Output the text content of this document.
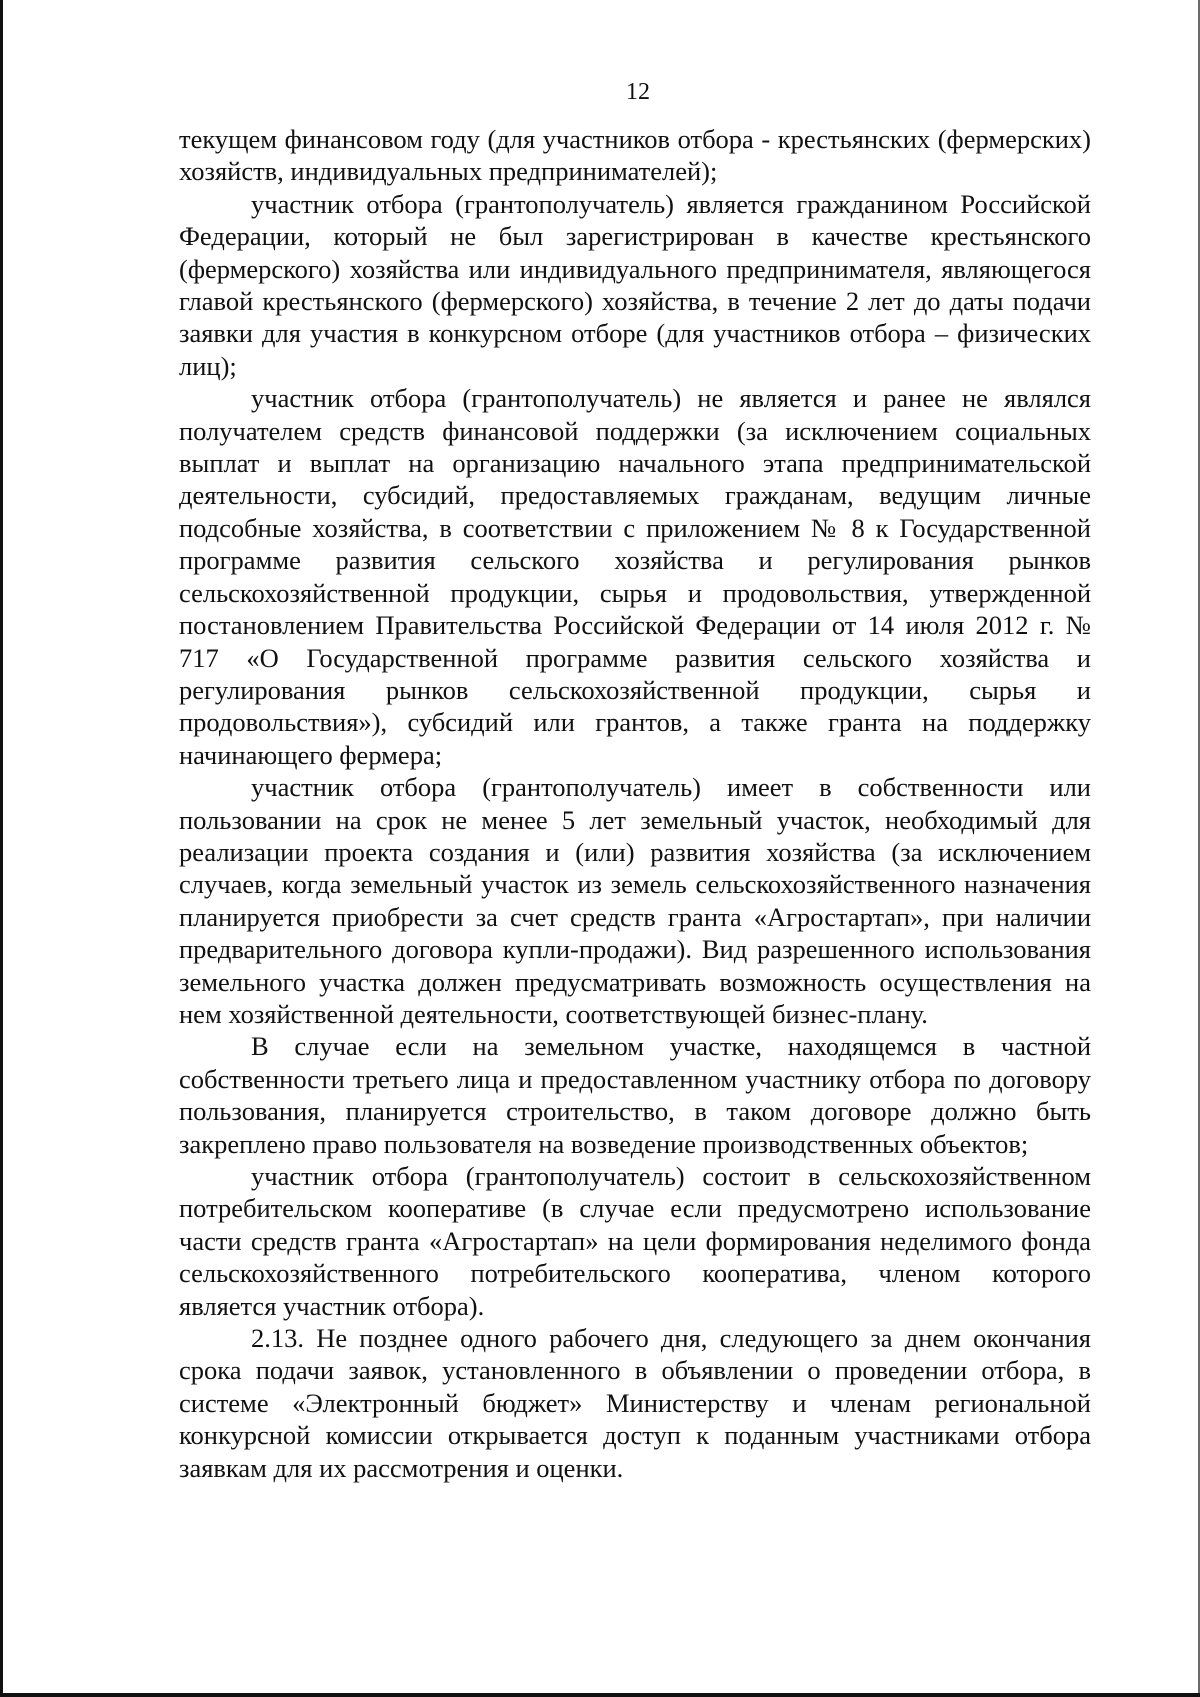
12

текущем финансовом году (для участников отбора - крестьянских (фермерских) хозяйств, индивидуальных предпринимателей);

участник отбора (грантополучатель) является гражданином Российской Федерации, который не был зарегистрирован в качестве крестьянского (фермерского) хозяйства или индивидуального предпринимателя, являющегося главой крестьянского (фермерского) хозяйства, в течение 2 лет до даты подачи заявки для участия в конкурсном отборе (для участников отбора – физических лиц);

участник отбора (грантополучатель) не является и ранее не являлся получателем средств финансовой поддержки (за исключением социальных выплат и выплат на организацию начального этапа предпринимательской деятельности, субсидий, предоставляемых гражданам, ведущим личные подсобные хозяйства, в соответствии с приложением № 8 к Государственной программе развития сельского хозяйства и регулирования рынков сельскохозяйственной продукции, сырья и продовольствия, утвержденной постановлением Правительства Российской Федерации от 14 июля 2012 г. № 717 «О Государственной программе развития сельского хозяйства и регулирования рынков сельскохозяйственной продукции, сырья и продовольствия»), субсидий или грантов, а также гранта на поддержку начинающего фермера;

участник отбора (грантополучатель) имеет в собственности или пользовании на срок не менее 5 лет земельный участок, необходимый для реализации проекта создания и (или) развития хозяйства (за исключением случаев, когда земельный участок из земель сельскохозяйственного назначения планируется приобрести за счет средств гранта «Агростартап», при наличии предварительного договора купли-продажи). Вид разрешенного использования земельного участка должен предусматривать возможность осуществления на нем хозяйственной деятельности, соответствующей бизнес-плану.

В случае если на земельном участке, находящемся в частной собственности третьего лица и предоставленном участнику отбора по договору пользования, планируется строительство, в таком договоре должно быть закреплено право пользователя на возведение производственных объектов;

участник отбора (грантополучатель) состоит в сельскохозяйственном потребительском кооперативе (в случае если предусмотрено использование части средств гранта «Агростартап» на цели формирования неделимого фонда сельскохозяйственного потребительского кооператива, членом которого является участник отбора).

2.13. Не позднее одного рабочего дня, следующего за днем окончания срока подачи заявок, установленного в объявлении о проведении отбора, в системе «Электронный бюджет» Министерству и членам региональной конкурсной комиссии открывается доступ к поданным участниками отбора заявкам для их рассмотрения и оценки.
